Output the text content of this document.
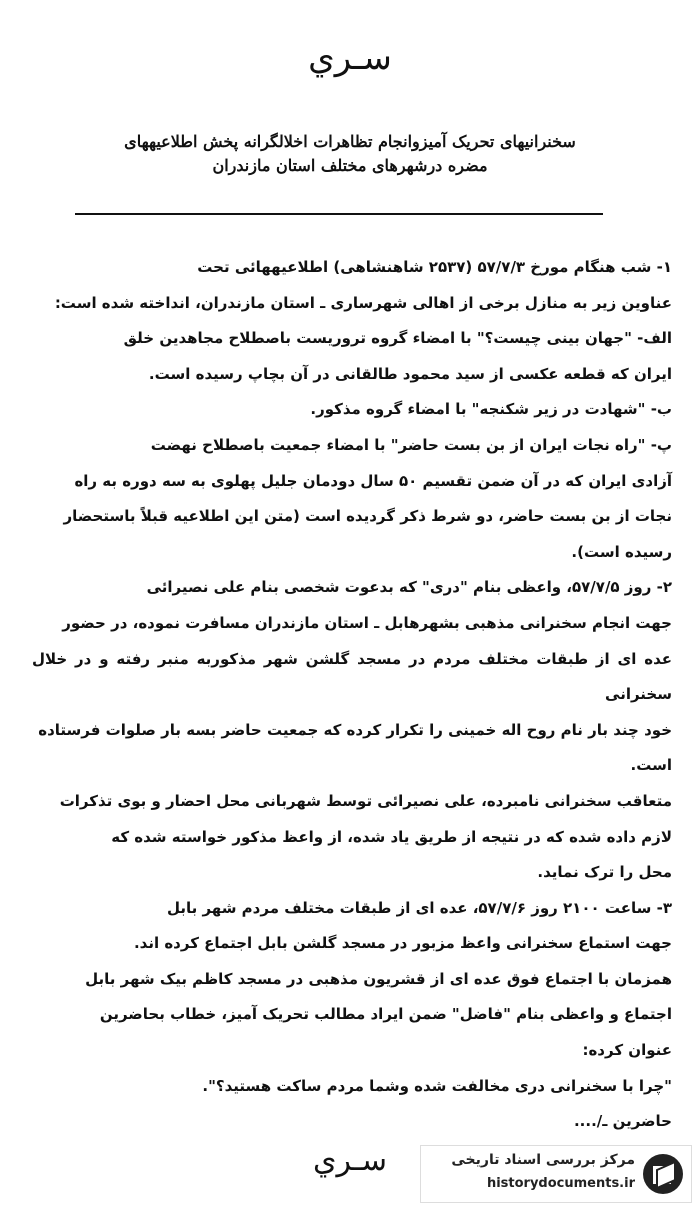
سـري
سخنرانیهای تحریک آمیزوانجام تظاهرات اخلالگرانه پخش اطلاعیههای
مضره درشهرهای مختلف استان مازندران

۱- شب هنگام مورخ ۵۷/۷/۳ (۲۵۳۷ شاهنشاهی) اطلاعیههائی تحت

عناوین زیر به منازل برخی از اهالی شهرساری ـ استان مازندران، انداخته شده است:

الف- "جهان بینی چیست؟" با امضاء گروه تروریست باصطلاح مجاهدین خلق

ایران که قطعه عکسی از سید محمود طالقانی در آن بچاپ رسیده است.

ب- "شهادت در زیر شکنجه" با امضاء گروه مذکور.

پ- "راه نجات ایران از بن بست حاضر" با امضاء جمعیت باصطلاح نهضت

آزادی ایران که در آن ضمن تقسیم ۵۰ سال دودمان جلیل پهلوی به سه دوره به راه

نجات از بن بست حاضر، دو شرط ذکر گردیده است (متن این اطلاعیه قبلاً باستحضار

رسیده است).

۲- روز ۵۷/۷/۵، واعظی بنام "دری" که بدعوت شخصی بنام علی نصیرائی

جهت انجام سخنرانی مذهبی بشهرهابل ـ استان مازندران مسافرت نموده، در حضور

عده ای از طبقات مختلف مردم در مسجد گلشن شهر مذکوربه منبر رفته و در خلال سخنرانی

خود چند بار نام روح اله خمینی را تکرار کرده که جمعیت حاضر بسه بار صلوات فرستاده

است.

متعاقب سخنرانی نامبرده، علی نصیرائی توسط شهربانی محل احضار و بوی تذکرات

لازم داده شده که در نتیجه از طریق یاد شده، از واعظ مذکور خواسته شده که

محل را ترک نماید.

۳- ساعت ۲۱۰۰ روز ۵۷/۷/۶، عده ای از طبقات مختلف مردم شهر بابل

جهت استماع سخنرانی واعظ مزبور در مسجد گلشن بابل اجتماع کرده اند.

همزمان با اجتماع فوق عده ای از قشریون مذهبی در مسجد کاظم بیک شهر بابل

اجتماع و واعظی بنام "فاضل" ضمن ایراد مطالب تحریک آمیز، خطاب بحاضرین

عنوان کرده:

"چرا با سخنرانی دری مخالفت شده وشما مردم ساکت هستید؟".

حاضرین ـ/....

سـري	مرکز بررسی اسناد تاریخی
historydocuments.ir
